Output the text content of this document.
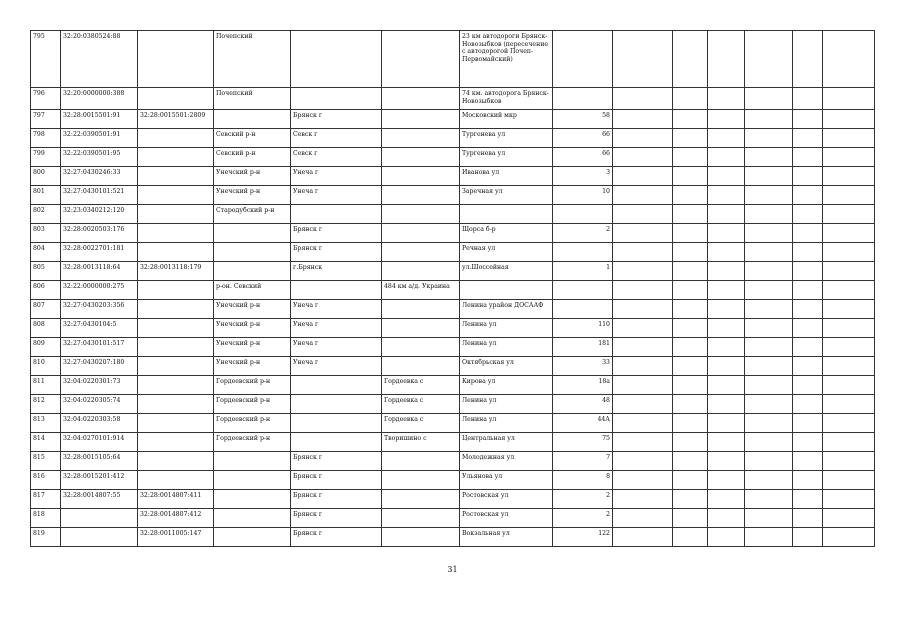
795	32:20:0380524:88		Почепский			23 км автодороги Брянск-Новозыбков (пересечение с автодорогой Почеп-Первомайский)							
796	32:20:0000000:388		Почепский			74 км. автодорога Брянск-Новозыбков							
797	32:28:0015501:91	32:28:0015501:2809		Брянск г		Московский мкр	58						
798	32:22:0390501:91		Севский р-н	Севск г		Тургенева ул	66						
799	32:22:0390501:95		Севский р-н	Севск г		Тургенева ул	66						
800	32:27:0430246:33		Унечский р-н	Унеча г		Иванова ул	3						
801	32:27:0430101:521		Унечский р-н	Унеча г		Заречная ул	10						
802	32:23:0340212:120		Стародубский р-н										
803	32:28:0020503:176			Брянск г		Щорса б-р	2						
804	32:28:0022701:181			Брянск г		Речная ул							
805	32:28:0013118:64	32:28:0013118:179		г.Брянск		ул.Шоссейная	1						
806	32:22:0000000:275		р-он. Севский		484 км а/д. Украина								
807	32:27:0430203:356		Унечский р-н	Унеча г		Ленина урайон ДОСААФ							
808	32:27:0430104:5		Унечский р-н	Унеча г		Ленина ул	110						
809	32:27:0430101:517		Унечский р-н	Унеча г		Ленина ул	181						
810	32:27:0430207:180		Унечский р-н	Унеча г		Октябрьская ул	33						
811	32:04:0220301:73		Гордеевский р-н		Гордеевка с	Кирова ул	18а						
812	32:04:0220305:74		Гордеевский р-н		Гордеевка с	Ленина ул	48						
813	32:04:0220303:58		Гордеевский р-н		Гордеевка с	Ленина ул	44А						
814	32:04:0270101:914		Гордеевский р-н		Творишино с	Центральная ул	75						
815	32:28:0015105:64			Брянск г		Молодежная ул	7						
816	32:28:0015201:412			Брянск г		Ульянова ул	8						
817	32:28:0014807:55	32:28:0014807:411		Брянск г		Ростовская ул	2						
818		32:28:0014807:412		Брянск г		Ростовская ул	2						
819		32:28:0011005:147		Брянск г		Вокзальная ул	122						
31
